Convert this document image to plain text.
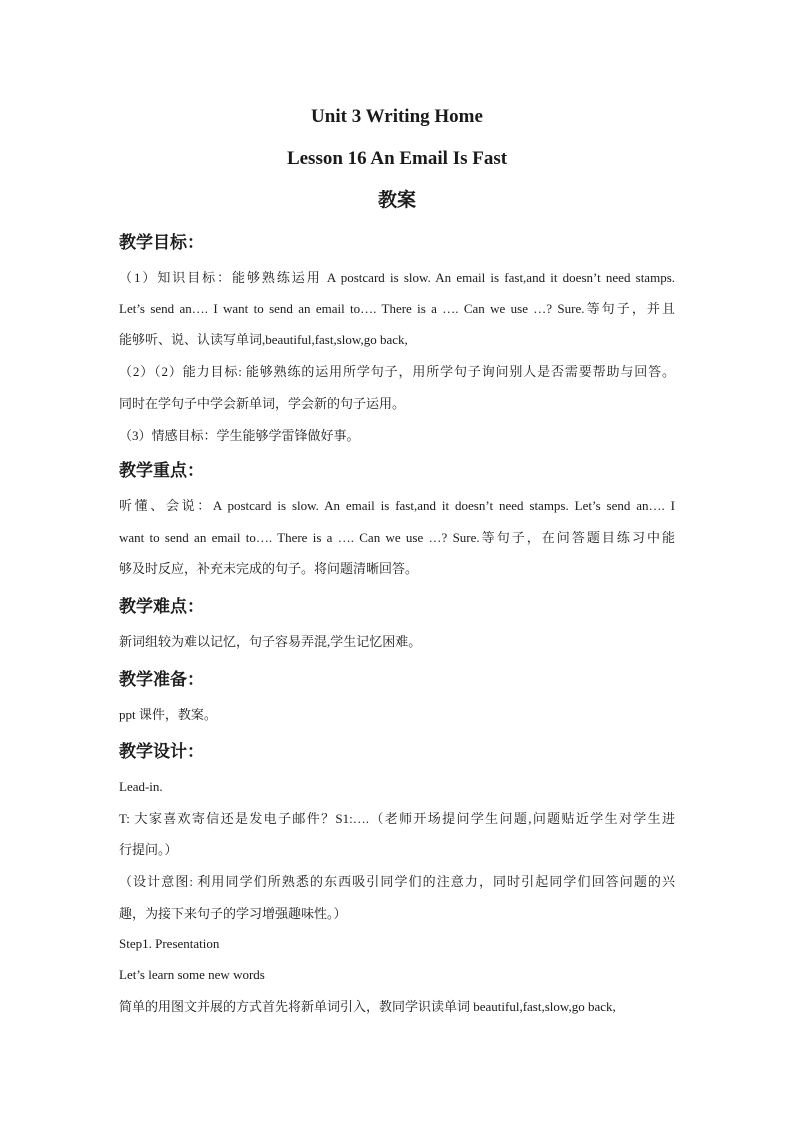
Unit 3 Writing Home
Lesson 16 An Email Is Fast
教案
教学目标：
（1）知识目标：能够熟练运用 A postcard is slow. An email is fast,and it doesn’t need stamps.
Let’s send an…. I want to send an email to…. There is a …. Can we use …? Sure.等句子，并且
能够听、说、认读写单词,beautiful,fast,slow,go back,
（2）（2）能力目标: 能够熟练的运用所学句子，用所学句子询问别人是否需要帮助与回答。
同时在学句子中学会新单词，学会新的句子运用。
（3）情感目标：学生能够学雷锋做好事。
教学重点：
听懂、会说：A postcard is slow. An email is fast,and it doesn’t need stamps. Let’s send an…. I
want to send an email to…. There is a …. Can we use …? Sure.等句子，在问答题目练习中能
够及时反应，补充未完成的句子。将问题清晰回答。
教学难点：
新词组较为难以记忆，句子容易弄混,学生记忆困难。
教学准备：
ppt 课件，教案。
教学设计：
Lead-in.
T: 大家喜欢寄信还是发电子邮件？S1:….（老师开场提问学生问题,问题贴近学生对学生进
行提问。）
（设计意图: 利用同学们所熟悉的东西吸引同学们的注意力，同时引起同学们回答问题的兴
趣，为接下来句子的学习增强趣味性。）
Step1. Presentation
Let’s learn some new words
简单的用图文并展的方式首先将新单词引入，教同学识读单词 beautiful,fast,slow,go back,
